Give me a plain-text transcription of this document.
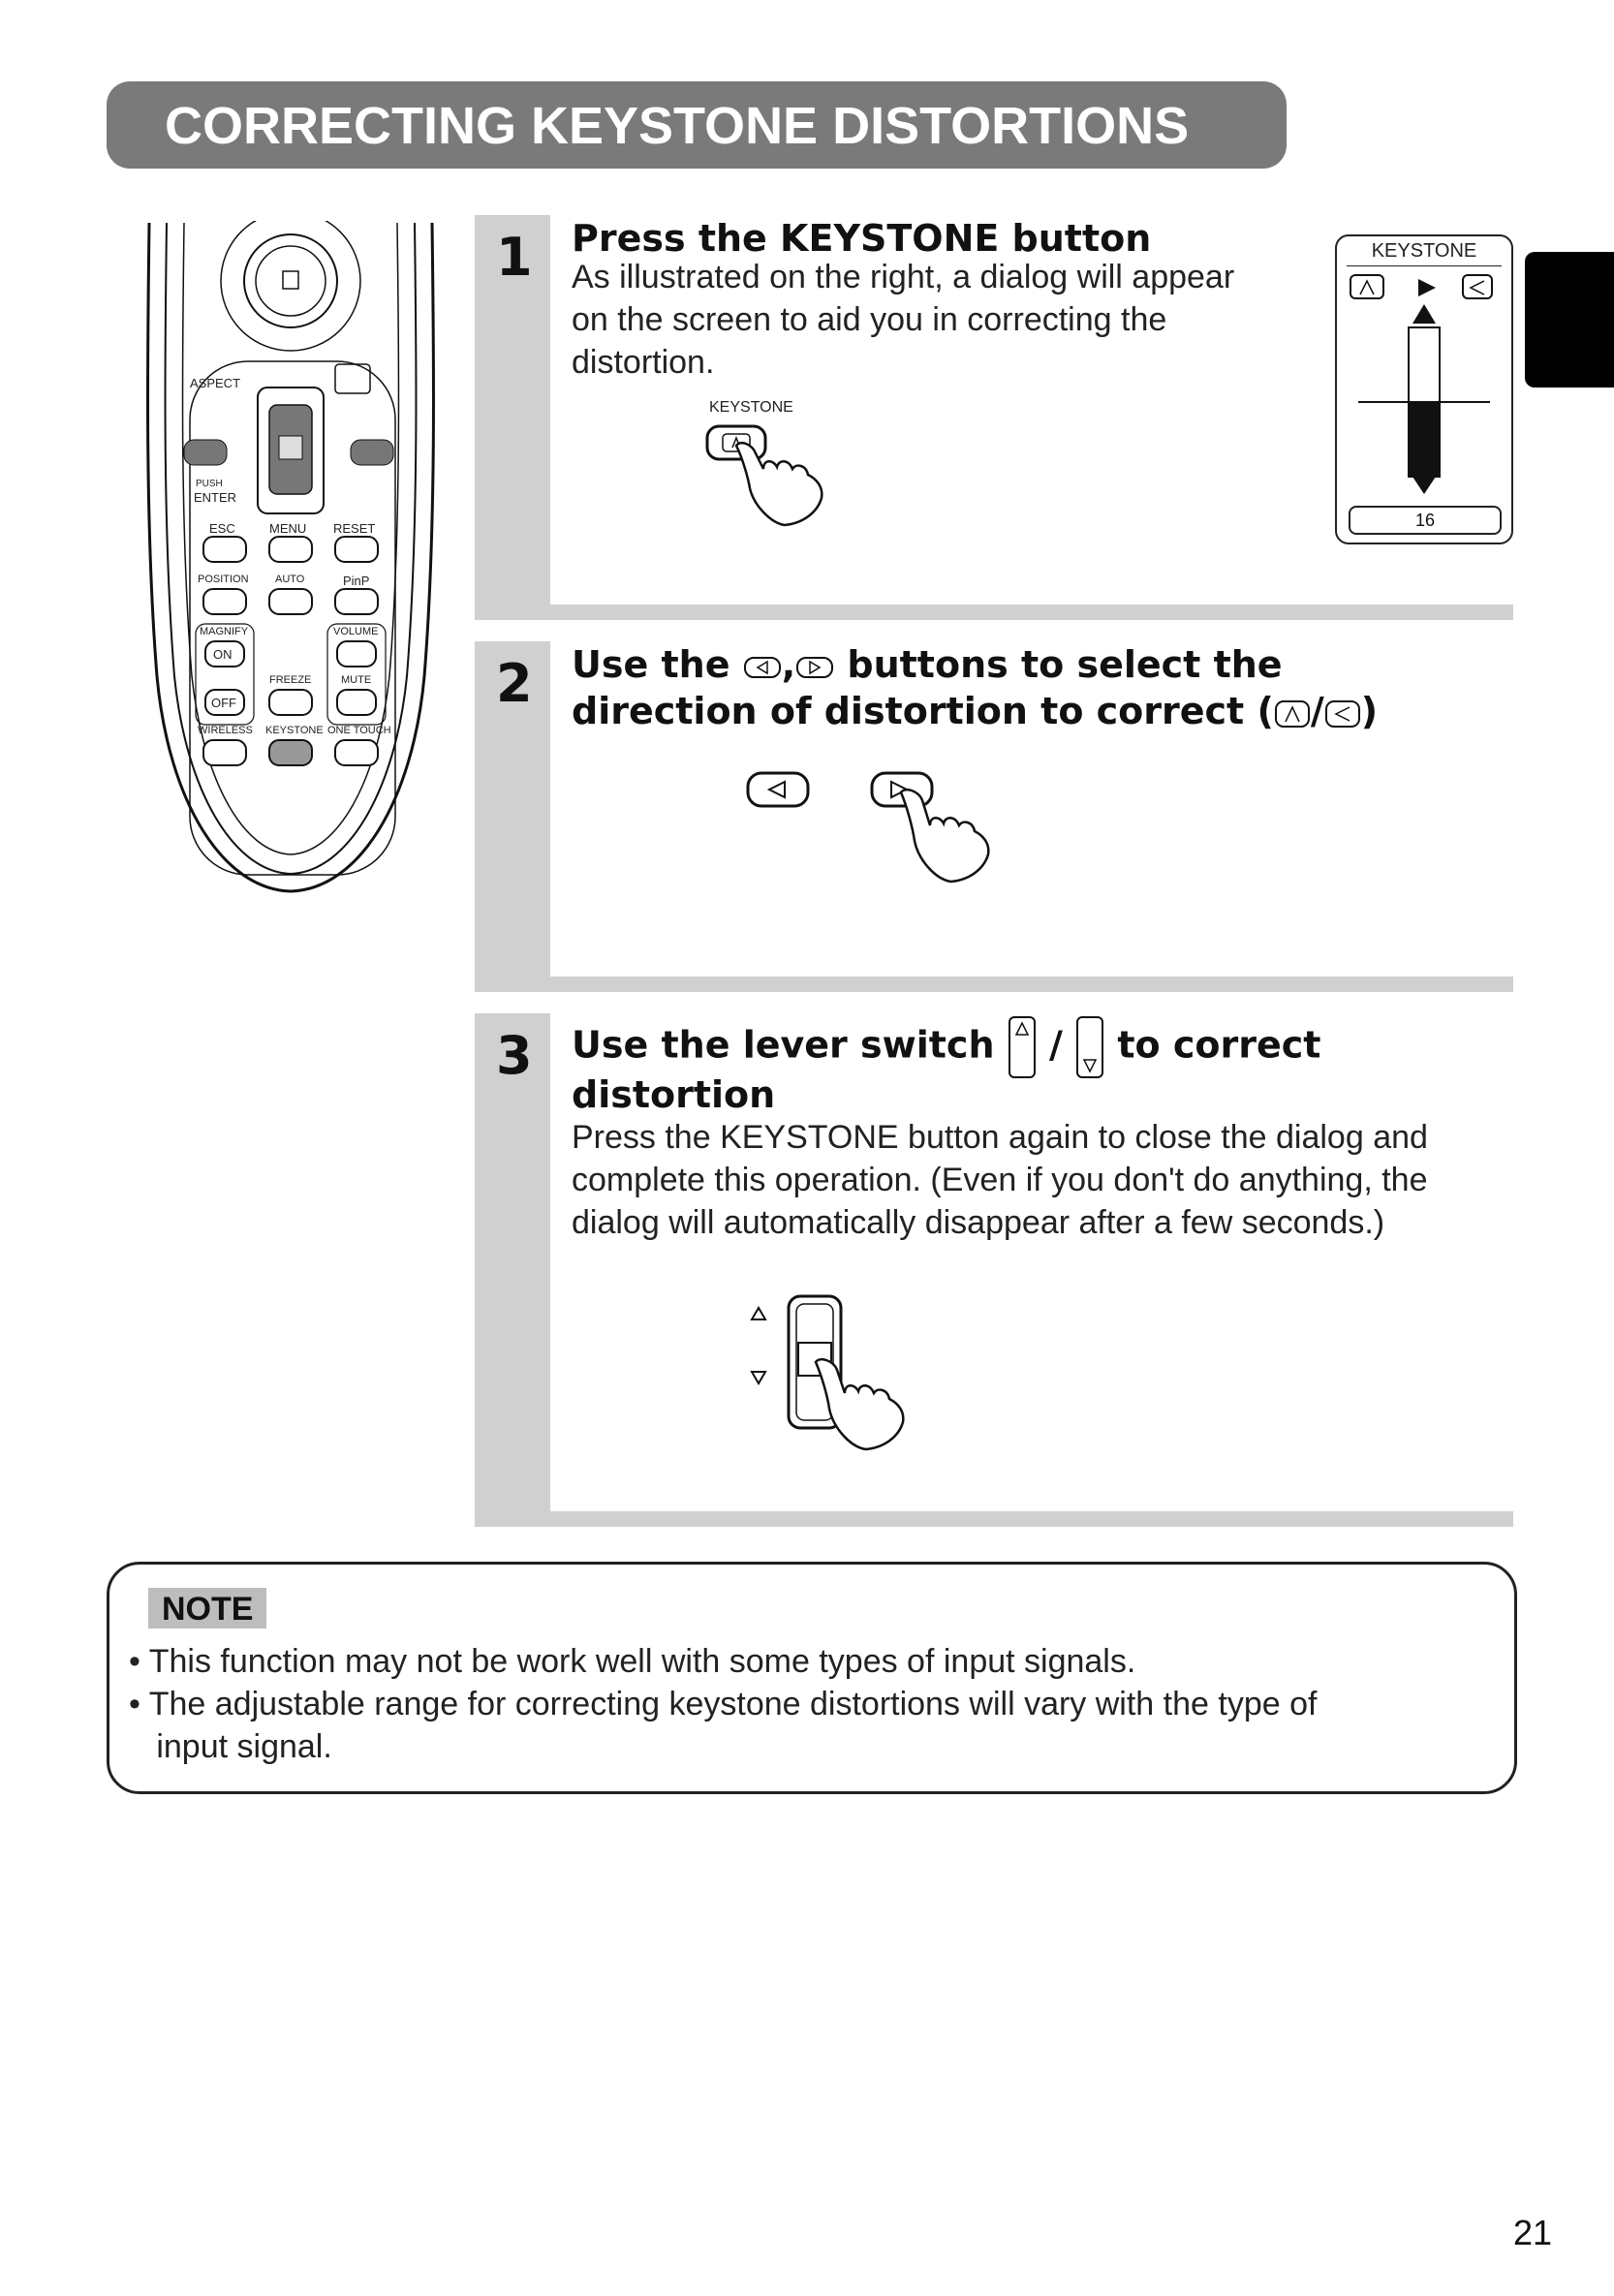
CORRECTING KEYSTONE DISTORTIONS
ASPECT
PUSH
ENTER
ESC	MENU RESET
POSITION AUTO	PinP
MAGNIFY
ON
OFF
VOLUME
FREEZE	MUTE
WIRELESS KEYSTONE ONE TOUCH
1 Press the KEYSTONE button
As illustrated on the right, a dialog will appear
on the screen to aid you in correcting the
distortion.
KEYSTONE
KEYSTONE
16
2 Use the , buttons to select the
direction of distortion to correct ( / )
3 Use the lever switch / to correct
distortion
Press the KEYSTONE button again to close the dialog and
complete this operation. (Even if you don't do anything, the
dialog will automatically disappear after a few seconds.)
NOTE
• This function may not be work well with some types of input signals.
• The adjustable range for correcting keystone distortions will vary with the type of
input signal.
21
